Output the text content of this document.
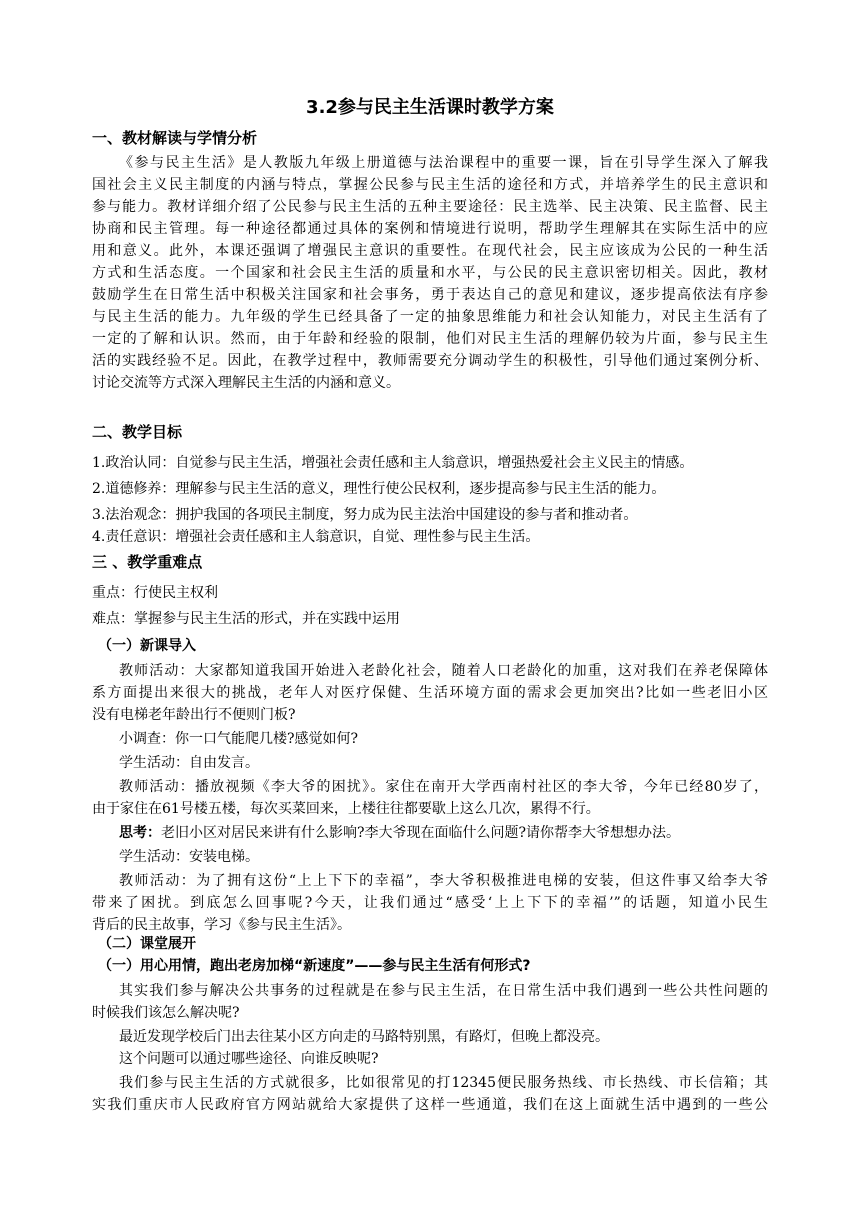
3.2参与民主生活课时教学方案
一、教材解读与学情分析
《参与民主生活》是人教版九年级上册道德与法治课程中的重要一课，旨在引导学生深入了解我
国社会主义民主制度的内涵与特点，掌握公民参与民主生活的途径和方式，并培养学生的民主意识和
参与能力。教材详细介绍了公民参与民主生活的五种主要途径：民主选举、民主决策、民主监督、民主
协商和民主管理。每一种途径都通过具体的案例和情境进行说明，帮助学生理解其在实际生活中的应
用和意义。此外，本课还强调了增强民主意识的重要性。在现代社会，民主应该成为公民的一种生活
方式和生活态度。一个国家和社会民主生活的质量和水平，与公民的民主意识密切相关。因此，教材
鼓励学生在日常生活中积极关注国家和社会事务，勇于表达自己的意见和建议，逐步提高依法有序参
与民主生活的能力。九年级的学生已经具备了一定的抽象思维能力和社会认知能力，对民主生活有了
一定的了解和认识。然而，由于年龄和经验的限制，他们对民主生活的理解仍较为片面，参与民主生
活的实践经验不足。因此，在教学过程中，教师需要充分调动学生的积极性，引导他们通过案例分析、
讨论交流等方式深入理解民主生活的内涵和意义。
二、教学目标
1.政治认同：自觉参与民主生活，增强社会责任感和主人翁意识，增强热爱社会主义民主的情感。
2.道德修养：理解参与民主生活的意义，理性行使公民权利，逐步提高参与民主生活的能力。
3.法治观念：拥护我国的各项民主制度，努力成为民主法治中国建设的参与者和推动者。
4.责任意识：增强社会责任感和主人翁意识，自觉、理性参与民主生活。
三 、教学重难点
重点：行使民主权利
难点：掌握参与民主生活的形式，并在实践中运用
（一）新课导入
教师活动：大家都知道我国开始进入老龄化社会，随着人口老龄化的加重，这对我们在养老保障体
系方面提出来很大的挑战，老年人对医疗保健、生活环境方面的需求会更加突出?比如一些老旧小区
没有电梯老年龄出行不便则门板?
小调查：你一口气能爬几楼?感觉如何?
学生活动：自由发言。
教师活动：播放视频《李大爷的困扰》。家住在南开大学西南村社区的李大爷，今年已经80岁了，
由于家住在61号楼五楼，每次买菜回来，上楼往往都要歇上这么几次，累得不行。
思考：老旧小区对居民来讲有什么影响?李大爷现在面临什么问题?请你帮李大爷想想办法。
学生活动：安装电梯。
教师活动：为了拥有这份“上上下下的幸福”，李大爷积极推进电梯的安装，但这件事又给李大爷
带来了困扰。到底怎么回事呢?今天，让我们通过“感受‘上上下下的幸福’”的话题，知道小民生
背后的民主故事，学习《参与民主生活》。
（二）课堂展开
（一）用心用情，跑出老房加梯“新速度”——参与民主生活有何形式?
其实我们参与解决公共事务的过程就是在参与民主生活，在日常生活中我们遇到一些公共性问题的
时候我们该怎么解决呢?
最近发现学校后门出去往某小区方向走的马路特别黑，有路灯，但晚上都没亮。
这个问题可以通过哪些途径、向谁反映呢?
我们参与民主生活的方式就很多，比如很常见的打12345便民服务热线、市长热线、市长信箱；其
实我们重庆市人民政府官方网站就给大家提供了这样一些通道，我们在这上面就生活中遇到的一些公
